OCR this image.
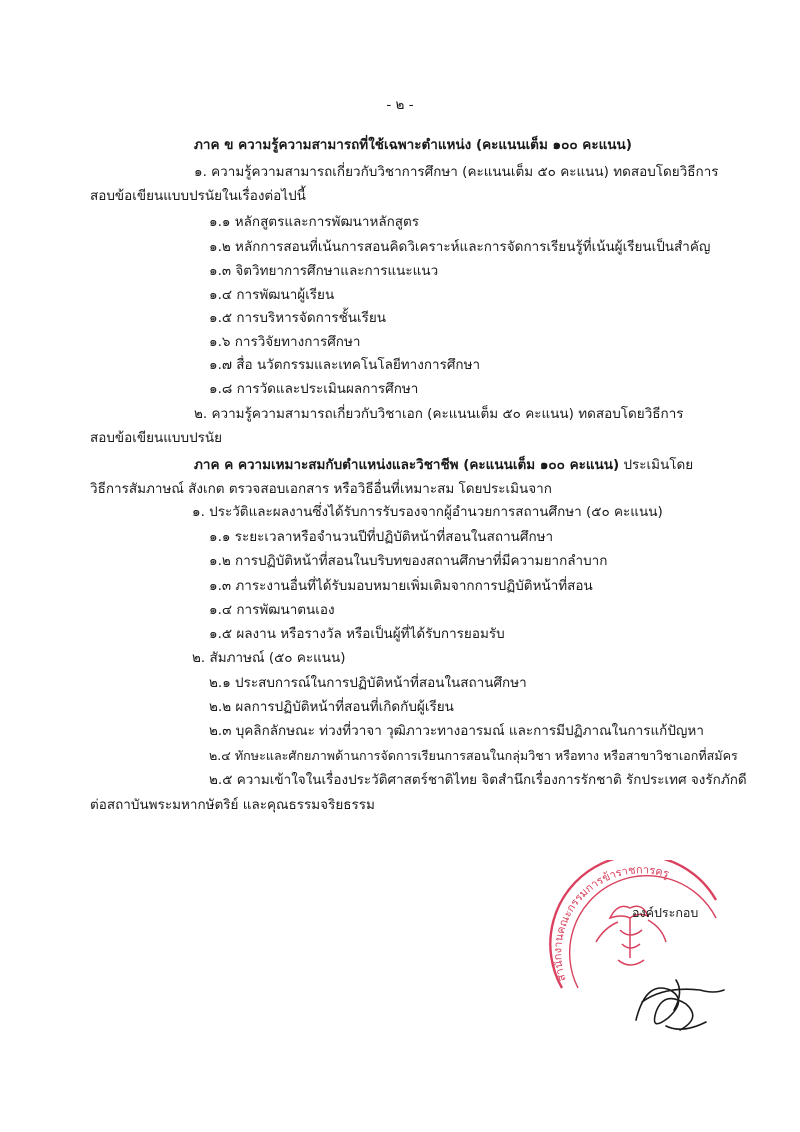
- ๒ -
ภาค ข ความรู้ความสามารถที่ใช้เฉพาะตำแหน่ง (คะแนนเต็ม ๑๐๐ คะแนน)
๑. ความรู้ความสามารถเกี่ยวกับวิชาการศึกษา (คะแนนเต็ม ๕๐ คะแนน) ทดสอบโดยวิธีการ
สอบข้อเขียนแบบปรนัยในเรื่องต่อไปนี้
๑.๑ หลักสูตรและการพัฒนาหลักสูตร
๑.๒ หลักการสอนที่เน้นการสอนคิดวิเคราะห์และการจัดการเรียนรู้ที่เน้นผู้เรียนเป็นสำคัญ
๑.๓ จิตวิทยาการศึกษาและการแนะแนว
๑.๔ การพัฒนาผู้เรียน
๑.๕ การบริหารจัดการชั้นเรียน
๑.๖ การวิจัยทางการศึกษา
๑.๗ สื่อ นวัตกรรมและเทคโนโลยีทางการศึกษา
๑.๘ การวัดและประเมินผลการศึกษา
๒. ความรู้ความสามารถเกี่ยวกับวิชาเอก (คะแนนเต็ม ๕๐ คะแนน) ทดสอบโดยวิธีการ
สอบข้อเขียนแบบปรนัย
ภาค ค ความเหมาะสมกับตำแหน่งและวิชาชีพ (คะแนนเต็ม ๑๐๐ คะแนน) ประเมินโดย
วิธีการสัมภาษณ์ สังเกต ตรวจสอบเอกสาร หรือวิธีอื่นที่เหมาะสม โดยประเมินจาก
๑. ประวัติและผลงานซึ่งได้รับการรับรองจากผู้อำนวยการสถานศึกษา (๕๐ คะแนน)
๑.๑ ระยะเวลาหรือจำนวนปีที่ปฏิบัติหน้าที่สอนในสถานศึกษา
๑.๒ การปฏิบัติหน้าที่สอนในบริบทของสถานศึกษาที่มีความยากลำบาก
๑.๓ ภาระงานอื่นที่ได้รับมอบหมายเพิ่มเติมจากการปฏิบัติหน้าที่สอน
๑.๔ การพัฒนาตนเอง
๑.๕ ผลงาน หรือรางวัล หรือเป็นผู้ที่ได้รับการยอมรับ
๒. สัมภาษณ์ (๕๐ คะแนน)
๒.๑ ประสบการณ์ในการปฏิบัติหน้าที่สอนในสถานศึกษา
๒.๒ ผลการปฏิบัติหน้าที่สอนที่เกิดกับผู้เรียน
๒.๓ บุคลิกลักษณะ ท่วงที่วาจา วุฒิภาวะทางอารมณ์ และการมีปฏิภาณในการแก้ปัญหา
๒.๔ ทักษะและศักยภาพด้านการจัดการเรียนการสอนในกลุ่มวิชา หรือทาง หรือสาขาวิชาเอกที่สมัคร
๒.๕ ความเข้าใจในเรื่องประวัติศาสตร์ชาติไทย จิตสำนึกเรื่องการรักชาติ รักประเทศ จงรักภักดี
ต่อสถาบันพระมหากษัตริย์ และคุณธรรมจริยธรรม
สำนักงานคณะกรรมการข้าราชการครู
องค์ประกอบ
